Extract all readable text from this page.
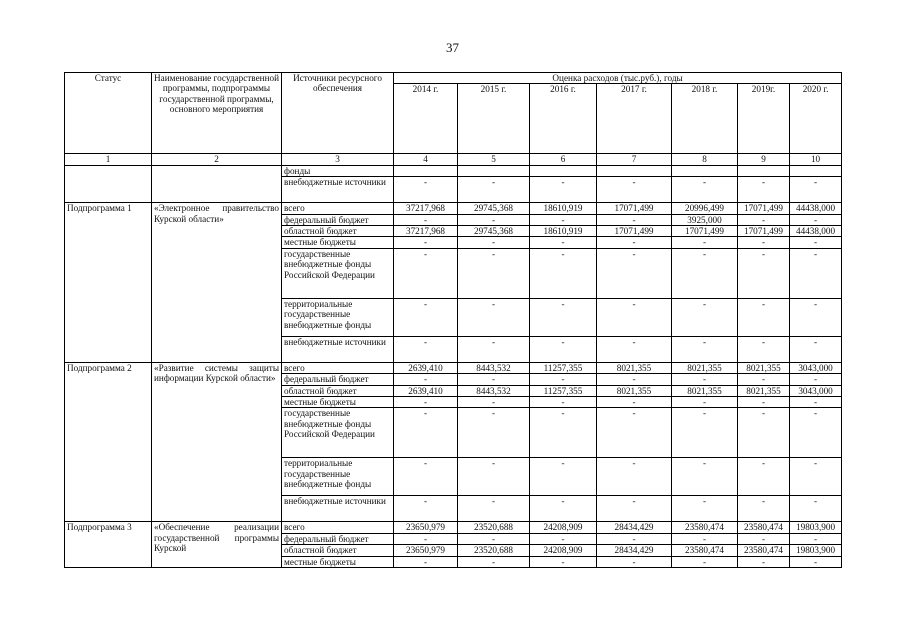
37
Статус	Наименование государственной программы, подпрограммы государственной программы, основного мероприятия	Источники ресурсного обеспечения	Оценка расходов (тыс.руб.), годы						
			2014 г.	2015 г.	2016 г.	2017 г.	2018 г.	2019г.	2020 г.
1	2	3	4	5	6	7	8	9	10
		фонды							
		внебюджетные источники	-	-	-	-	-	-	-
Подпрограмма 1	«Электронное правительство Курской области»	всего	37217,968	29745,368	18610,919	17071,499	20996,499	17071,499	44438,000
		федеральный бюджет	-	-	-	-	3925,000	-	-
		областной бюджет	37217,968	29745,368	18610,919	17071,499	17071,499	17071,499	44438,000
		местные бюджеты	-	-	-	-	-	-	-
		государственные внебюджетные фонды Российской Федерации	-	-	-	-	-	-	-
		территориальные государственные внебюджетные фонды	-	-	-	-	-	-	-
		внебюджетные источники	-	-	-	-	-	-	-
Подпрограмма 2	«Развитие системы защиты информации Курской области»	всего	2639,410	8443,532	11257,355	8021,355	8021,355	8021,355	3043,000
		федеральный бюджет	-	-	-	-	-	-	-
		областной бюджет	2639,410	8443,532	11257,355	8021,355	8021,355	8021,355	3043,000
		местные бюджеты	-	-	-	-	-	-	-
		государственные внебюджетные фонды Российской Федерации	-	-	-	-	-	-	-
		территориальные государственные внебюджетные фонды	-	-	-	-	-	-	-
		внебюджетные источники	-	-	-	-	-	-	-
Подпрограмма 3	«Обеспечение реализации государственной программы Курской	всего	23650,979	23520,688	24208,909	28434,429	23580,474	23580,474	19803,900
		федеральный бюджет	-	-	-	-	-	-	-
		областной бюджет	23650,979	23520,688	24208,909	28434,429	23580,474	23580,474	19803,900
		местные бюджеты	-	-	-	-	-	-	-
